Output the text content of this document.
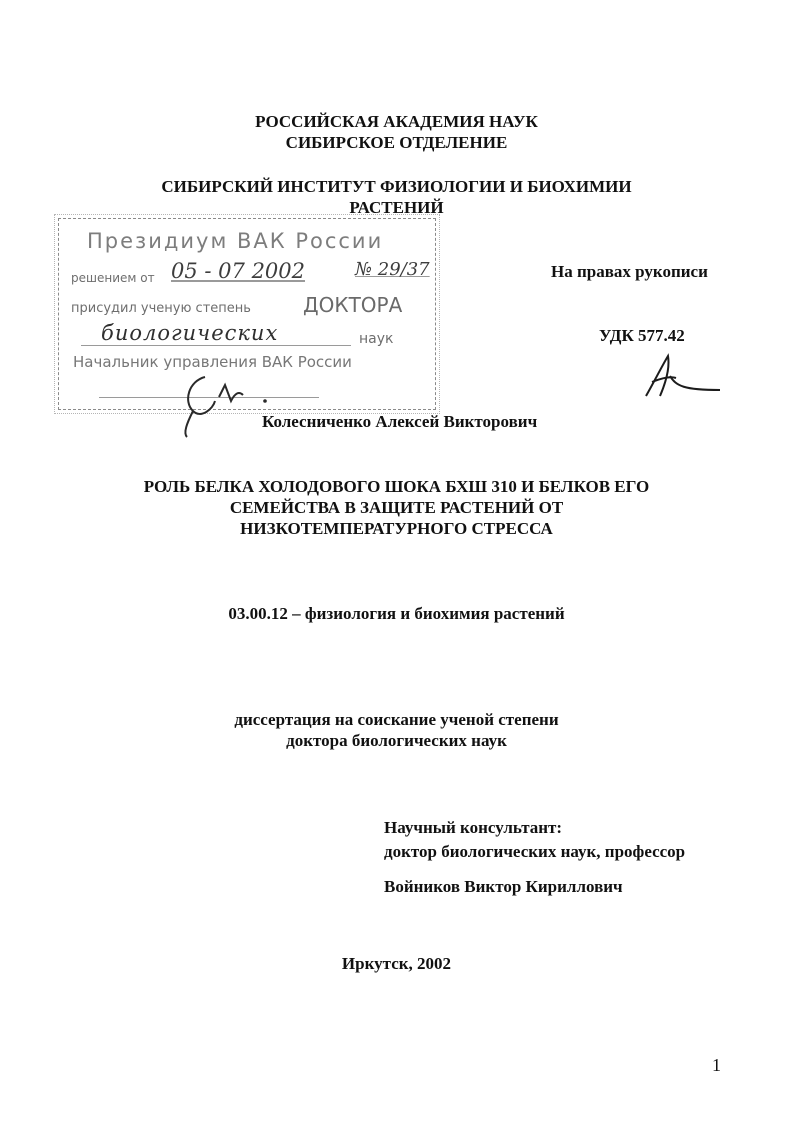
РОССИЙСКАЯ АКАДЕМИЯ НАУК
СИБИРСКОЕ ОТДЕЛЕНИЕ
СИБИРСКИЙ ИНСТИТУТ ФИЗИОЛОГИИ И БИОХИМИИ
РАСТЕНИЙ
Президиум ВАК России
решением от 05 - 07 2002	№ 29/37
присудил ученую степень	ДОКТОРА
биологических	наук
Начальник управления ВАК России
На правах рукописи
УДК 577.42
Колесниченко Алексей Викторович
РОЛЬ БЕЛКА ХОЛОДОВОГО ШОКА БХШ 310 И БЕЛКОВ ЕГО
СЕМЕЙСТВА В ЗАЩИТЕ РАСТЕНИЙ ОТ
НИЗКОТЕМПЕРАТУРНОГО СТРЕССА
03.00.12 – физиология и биохимия растений
диссертация на соискание ученой степени
доктора биологических наук
Научный консультант:
доктор биологических наук, профессор
Войников Виктор Кириллович
Иркутск, 2002
1
